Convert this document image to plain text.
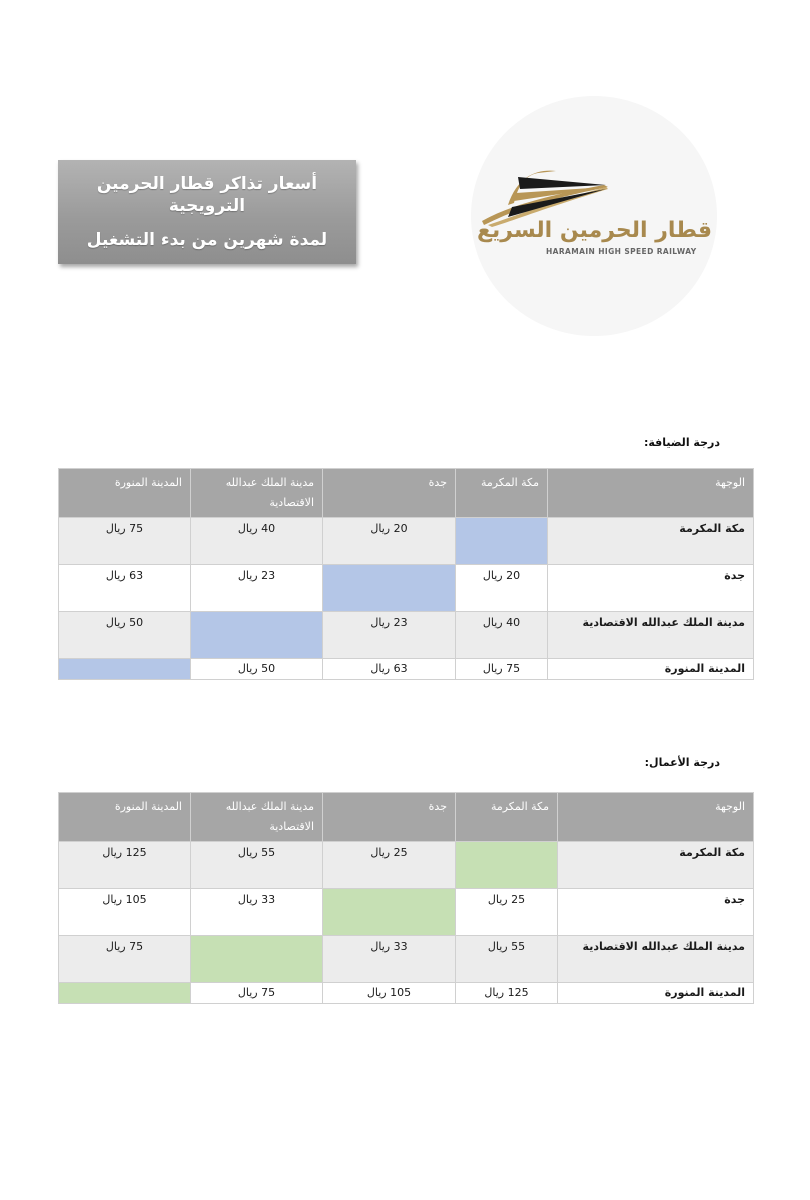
أسعار تذاكر قطار الحرمين الترويجية
لمدة شهرين من بدء التشغيل	قطار الحرمين السريع
HARAMAIN HIGH SPEED RAILWAY
درجة الضيافة:
الوجهة	مكة المكرمة	جدة	مدينة الملك عبدالله الاقتصادية	المدينة المنورة
مكة المكرمة		20 ريال	40 ريال	75 ريال
جدة	20 ريال		23 ريال	63 ريال
مدينة الملك عبدالله الاقتصادية	40 ريال	23 ريال		50 ريال
المدينة المنورة	75 ريال	63 ريال	50 ريال	
درجة الأعمال:
الوجهة	مكة المكرمة	جدة	مدينة الملك عبدالله الاقتصادية	المدينة المنورة
مكة المكرمة		25 ريال	55 ريال	125 ريال
جدة	25 ريال		33 ريال	105 ريال
مدينة الملك عبدالله الاقتصادية	55 ريال	33 ريال		75 ريال
المدينة المنورة	125 ريال	105 ريال	75 ريال	
